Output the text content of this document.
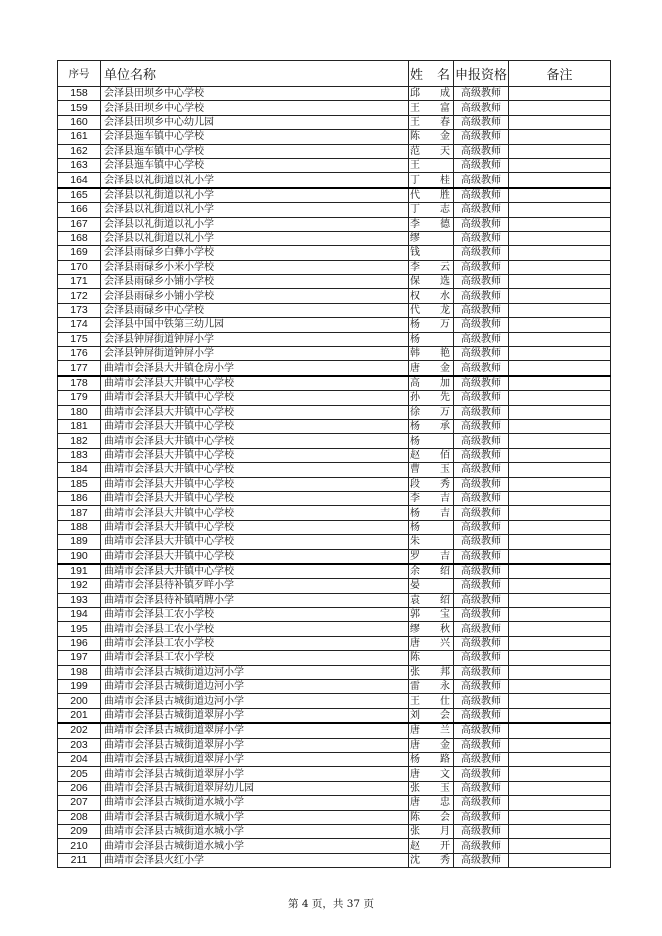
序号	单位名称	姓 名	申报资格	备注
158	会泽县田坝乡中心学校	邱 成	高级教师	
159	会泽县田坝乡中心学校	王 富	高级教师	
160	会泽县田坝乡中心幼儿园	王 春	高级教师	
161	会泽县迤车镇中心学校	陈 金	高级教师	
162	会泽县迤车镇中心学校	范 天	高级教师	
163	会泽县迤车镇中心学校	王	高级教师	
164	会泽县以礼街道以礼小学	丁 桂	高级教师	
165	会泽县以礼街道以礼小学	代 胜	高级教师	
166	会泽县以礼街道以礼小学	丁 志	高级教师	
167	会泽县以礼街道以礼小学	李 德	高级教师	
168	会泽县以礼街道以礼小学	缪	高级教师	
169	会泽县雨碌乡白彝小学校	钱	高级教师	
170	会泽县雨碌乡小米小学校	李 云	高级教师	
171	会泽县雨碌乡小铺小学校	保 选	高级教师	
172	会泽县雨碌乡小铺小学校	权 水	高级教师	
173	会泽县雨碌乡中心学校	代 龙	高级教师	
174	会泽县中国中铁第三幼儿园	杨 万	高级教师	
175	会泽县钟屏街道钟屏小学	杨	高级教师	
176	会泽县钟屏街道钟屏小学	韩 艳	高级教师	
177	曲靖市会泽县大井镇仓房小学	唐 金	高级教师	
178	曲靖市会泽县大井镇中心学校	高 加	高级教师	
179	曲靖市会泽县大井镇中心学校	孙 先	高级教师	
180	曲靖市会泽县大井镇中心学校	徐 万	高级教师	
181	曲靖市会泽县大井镇中心学校	杨 承	高级教师	
182	曲靖市会泽县大井镇中心学校	杨	高级教师	
183	曲靖市会泽县大井镇中心学校	赵 佰	高级教师	
184	曲靖市会泽县大井镇中心学校	曹 玉	高级教师	
185	曲靖市会泽县大井镇中心学校	段 秀	高级教师	
186	曲靖市会泽县大井镇中心学校	李 吉	高级教师	
187	曲靖市会泽县大井镇中心学校	杨 吉	高级教师	
188	曲靖市会泽县大井镇中心学校	杨	高级教师	
189	曲靖市会泽县大井镇中心学校	朱	高级教师	
190	曲靖市会泽县大井镇中心学校	罗 吉	高级教师	
191	曲靖市会泽县大井镇中心学校	余 绍	高级教师	
192	曲靖市会泽县待补镇歹咩小学	晏	高级教师	
193	曲靖市会泽县待补镇哨牌小学	袁 绍	高级教师	
194	曲靖市会泽县工农小学校	郭 宝	高级教师	
195	曲靖市会泽县工农小学校	缪 秋	高级教师	
196	曲靖市会泽县工农小学校	唐 兴	高级教师	
197	曲靖市会泽县工农小学校	陈	高级教师	
198	曲靖市会泽县古城街道边河小学	张 邦	高级教师	
199	曲靖市会泽县古城街道边河小学	雷 永	高级教师	
200	曲靖市会泽县古城街道边河小学	王 仕	高级教师	
201	曲靖市会泽县古城街道翠屏小学	刘 会	高级教师	
202	曲靖市会泽县古城街道翠屏小学	唐 兰	高级教师	
203	曲靖市会泽县古城街道翠屏小学	唐 金	高级教师	
204	曲靖市会泽县古城街道翠屏小学	杨 路	高级教师	
205	曲靖市会泽县古城街道翠屏小学	唐 文	高级教师	
206	曲靖市会泽县古城街道翠屏幼儿园	张 玉	高级教师	
207	曲靖市会泽县古城街道水城小学	唐 忠	高级教师	
208	曲靖市会泽县古城街道水城小学	陈 会	高级教师	
209	曲靖市会泽县古城街道水城小学	张 月	高级教师	
210	曲靖市会泽县古城街道水城小学	赵 开	高级教师	
211	曲靖市会泽县火红小学	沈 秀	高级教师	
第 4 页，共 37 页
